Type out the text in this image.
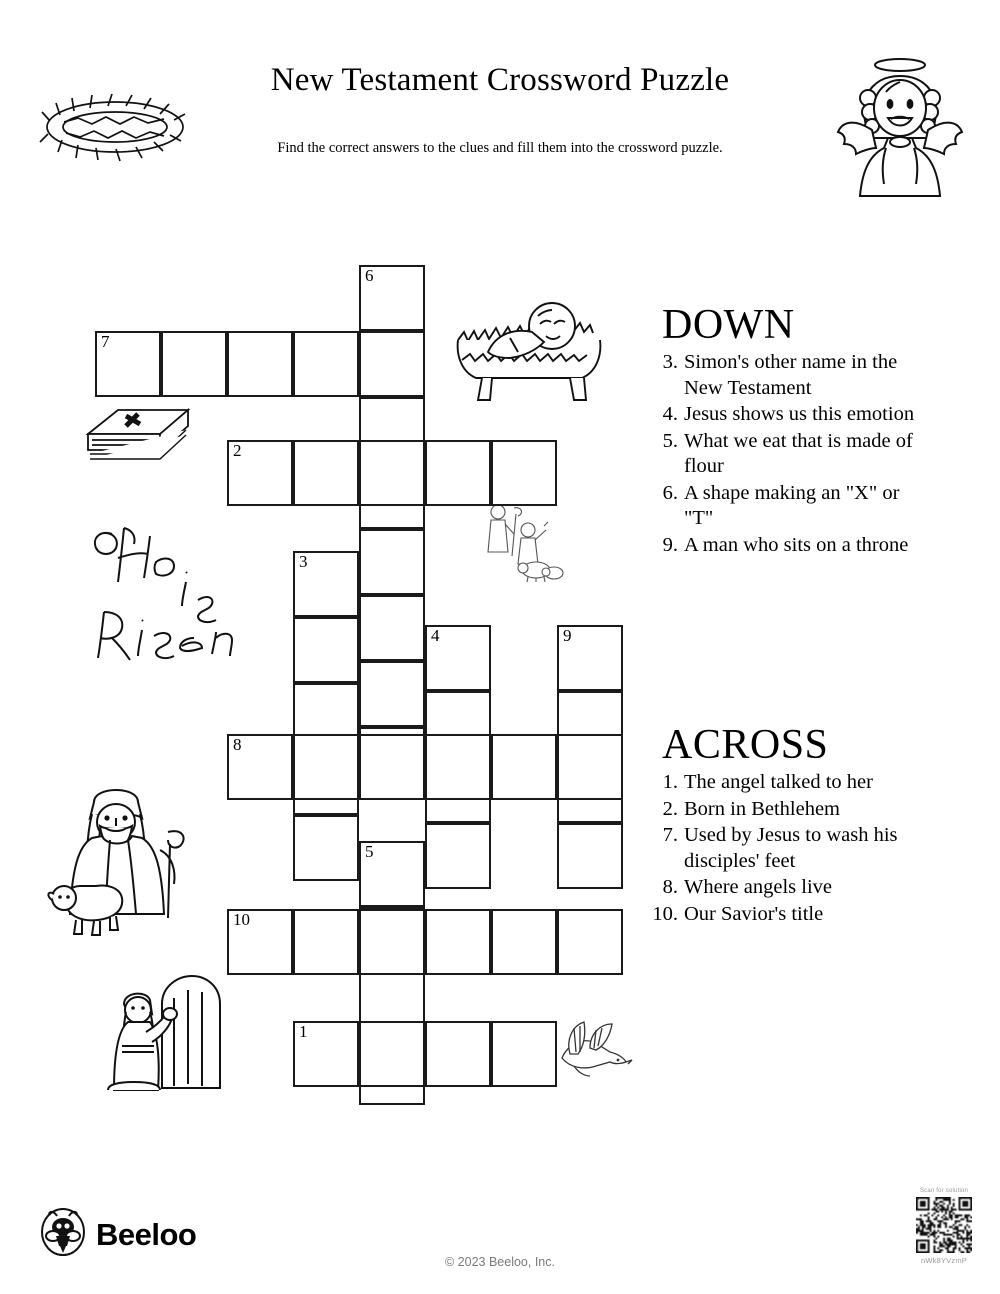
New Testament Crossword Puzzle
Find the correct answers to the clues and fill them into the crossword puzzle.
6
7
2
3
4	9
8
5
10
1
DOWN
3. Simon's other name in the New Testament
4. Jesus shows us this emotion
5. What we eat that is made of flour
6. A shape making an "X" or "T"
9. A man who sits on a throne
ACROSS
1. The angel talked to her
2. Born in Bethlehem
7. Used by Jesus to wash his disciples' feet
8. Where angels live
10. Our Savior's title
Beeloo
© 2023 Beeloo, Inc.
Scan for solution
nWk8YVzmP
